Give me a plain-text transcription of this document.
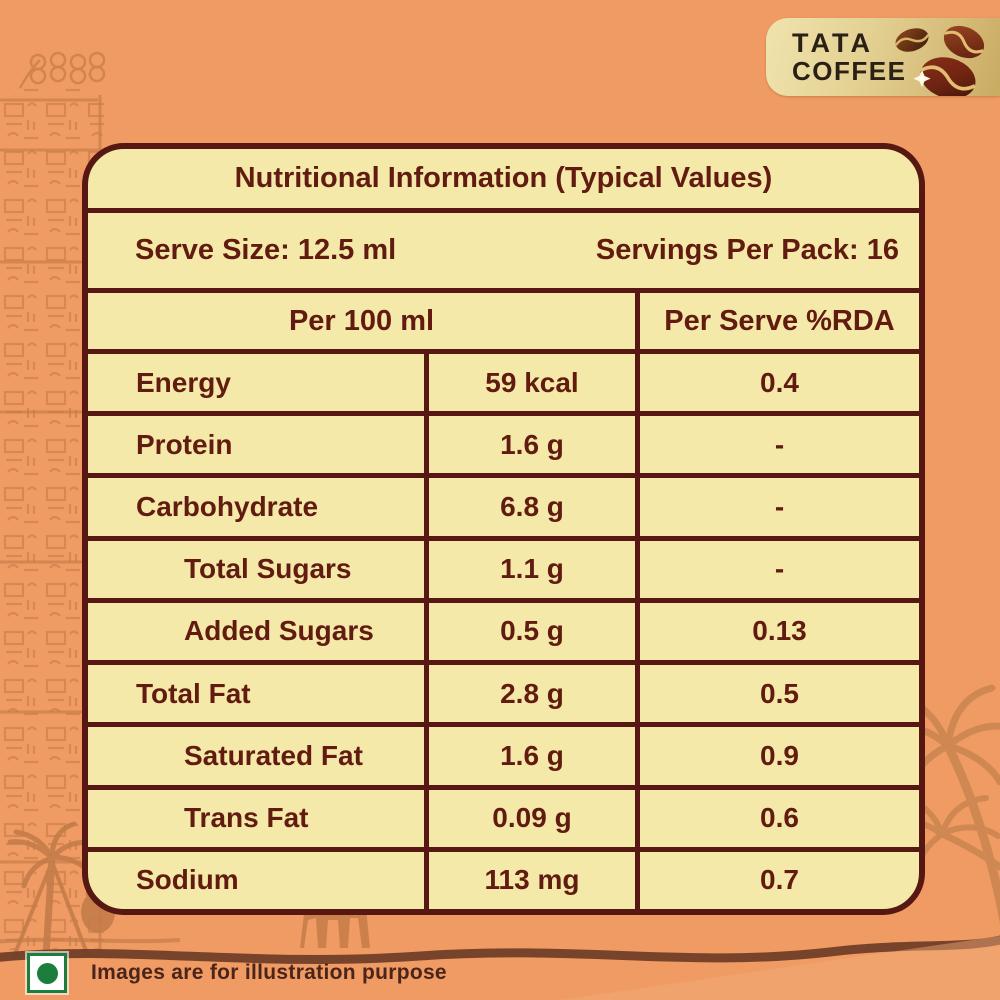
TATA
COFFEE
Nutritional Information (Typical Values)
Serve Size: 12.5 ml	Servings Per Pack: 16
Per 100 ml	Per Serve %RDA
Energy	59 kcal	0.4
Protein	1.6 g	-
Carbohydrate	6.8 g	-
Total Sugars	1.1 g	-
Added Sugars	0.5 g	0.13
Total Fat	2.8 g	0.5
Saturated Fat	1.6 g	0.9
Trans Fat	0.09 g	0.6
Sodium	113 mg	0.7
Images are for illustration purpose
